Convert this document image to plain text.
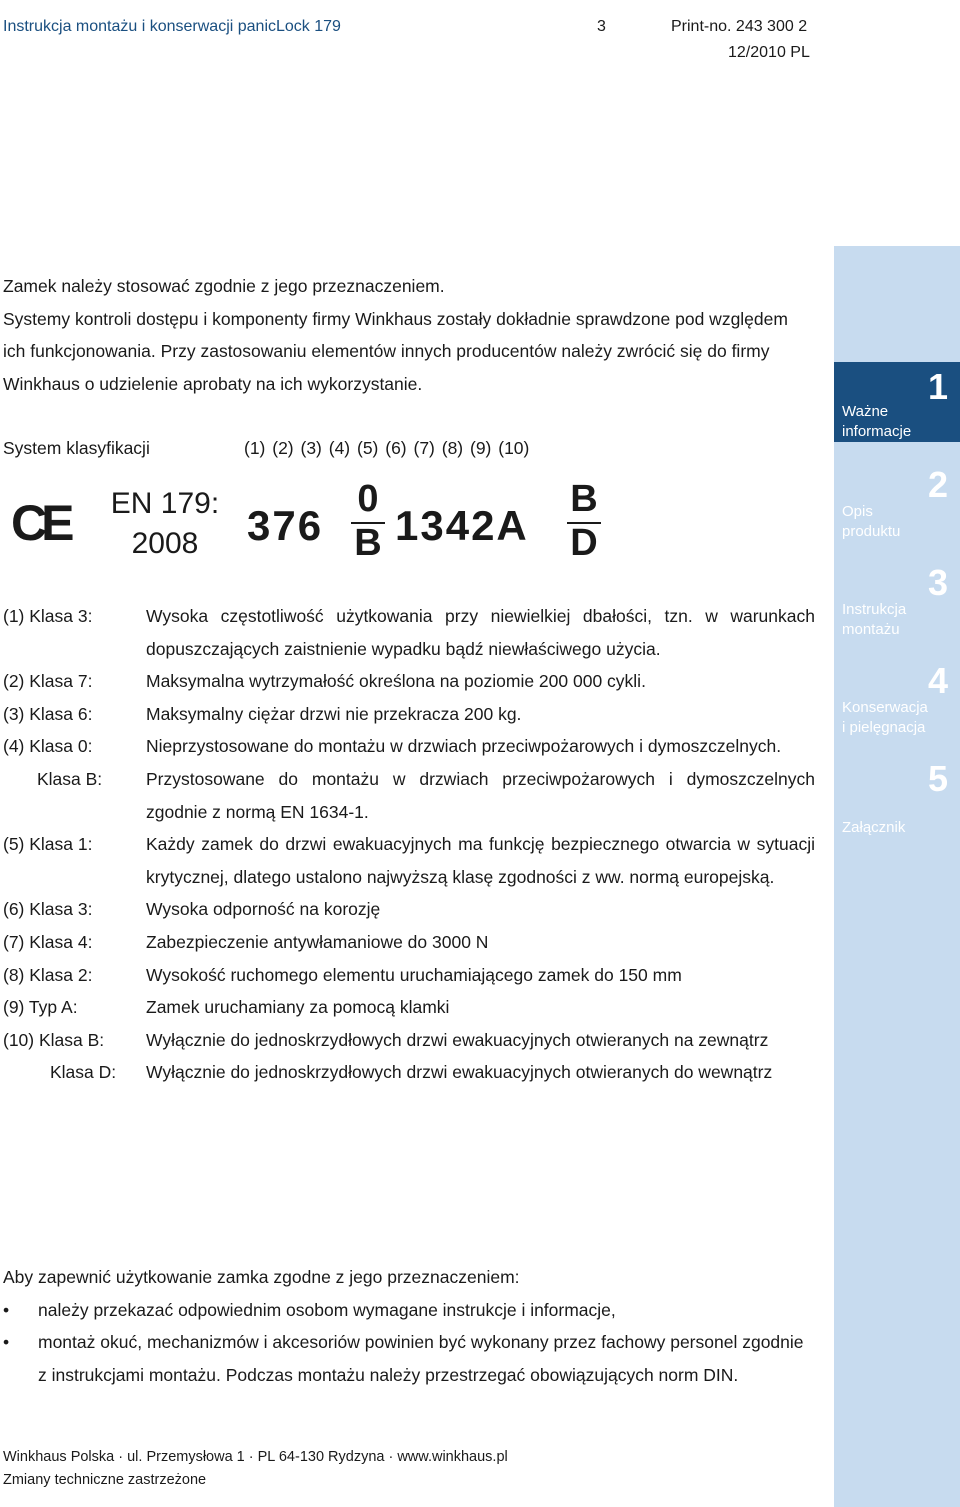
Instrukcja montażu i konserwacji panicLock 179	3	Print-no. 243 300 2
12/2010 PL
1
Ważne
informacje
2
Opis
produktu
3
Instrukcja
montażu
4
Konserwacja
i pielęgnacja
5
Załącznik

Zamek należy stosować zgodnie z jego przeznaczeniem.

Systemy kontroli dostępu i komponenty firmy Winkhaus zostały dokładnie sprawdzone pod względem ich funkcjonowania. Przy zastosowaniu elementów innych producentów należy zwrócić się do firmy Winkhaus o udzielenie aprobaty na ich wykorzystanie.

System klasyfikacji	(1) (2) (3) (4) (5) (6) (7) (8) (9) (10)
CE	EN 179:
2008	376
0
B 1342A
B
D
(1) Klasa 3:	Wysoka częstotliwość użytkowania przy niewielkiej dbałości, tzn. w warunkach dopuszczających zaistnienie wypadku bądź niewłaściwego użycia.
(2) Klasa 7:	Maksymalna wytrzymałość określona na poziomie 200 000 cykli.
(3) Klasa 6:	Maksymalny ciężar drzwi nie przekracza 200 kg.
(4) Klasa 0:	Nieprzystosowane do montażu w drzwiach przeciwpożarowych i dymoszczelnych.
Klasa B:	Przystosowane do montażu w drzwiach przeciwpożarowych i dymoszczelnych zgodnie z normą EN 1634-1.
(5) Klasa 1:	Każdy zamek do drzwi ewakuacyjnych ma funkcję bezpiecznego otwarcia w sytuacji krytycznej, dlatego ustalono najwyższą klasę zgodności z ww. normą europejską.
(6) Klasa 3:	Wysoka odporność na korozję
(7) Klasa 4:	Zabezpieczenie antywłamaniowe do 3000 N
(8) Klasa 2:	Wysokość ruchomego elementu uruchamiającego zamek do 150 mm
(9) Typ A:	Zamek uruchamiany za pomocą klamki
(10) Klasa B: Wyłącznie do jednoskrzydłowych drzwi ewakuacyjnych otwieranych na zewnątrz
Klasa D: Wyłącznie do jednoskrzydłowych drzwi ewakuacyjnych otwieranych do wewnątrz
Aby zapewnić użytkowanie zamka zgodne z jego przeznaczeniem:
• należy przekazać odpowiednim osobom wymagane instrukcje i informacje,
• montaż okuć, mechanizmów i akcesoriów powinien być wykonany przez fachowy personel zgodnie z instrukcjami montażu. Podczas montażu należy przestrzegać obowiązujących norm DIN.
Winkhaus Polska · ul. Przemysłowa 1 · PL 64-130 Rydzyna · www.winkhaus.pl
Zmiany techniczne zastrzeżone
